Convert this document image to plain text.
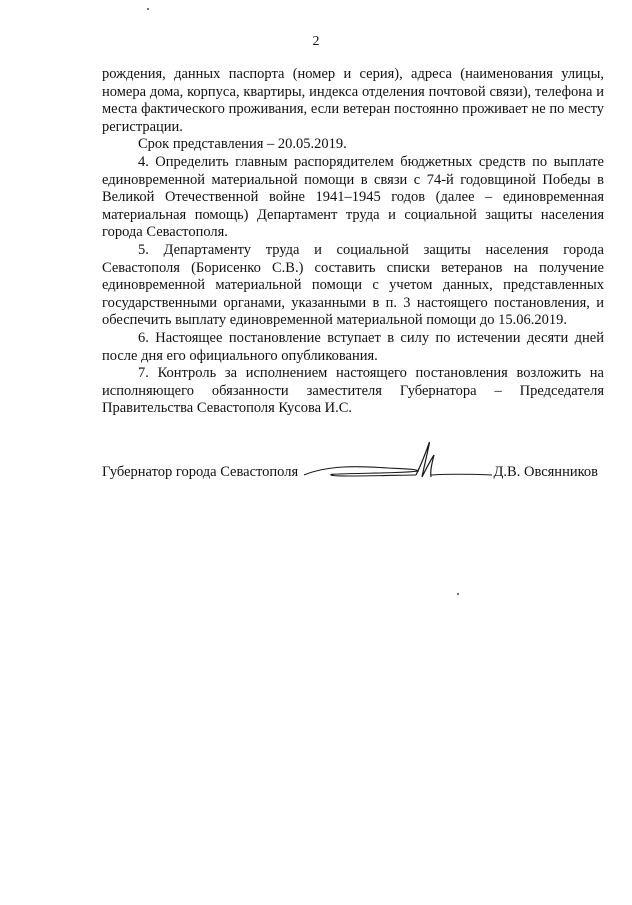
2

рождения, данных паспорта (номер и серия), адреса (наименования улицы, номера дома, корпуса, квартиры, индекса отделения почтовой связи), телефона и места фактического проживания, если ветеран постоянно проживает не по месту регистрации.

Срок представления – 20.05.2019.

4. Определить главным распорядителем бюджетных средств по выплате единовременной материальной помощи в связи с 74-й годовщиной Победы в Великой Отечественной войне 1941–1945 годов (далее – единовременная материальная помощь) Департамент труда и социальной защиты населения города Севастополя.

5. Департаменту труда и социальной защиты населения города Севастополя (Борисенко С.В.) составить списки ветеранов на получение единовременной материальной помощи с учетом данных, представленных государственными органами, указанными в п. 3 настоящего постановления, и обеспечить выплату единовременной материальной помощи до 15.06.2019.

6. Настоящее постановление вступает в силу по истечении десяти дней после дня его официального опубликования.

7. Контроль за исполнением настоящего постановления возложить на исполняющего обязанности заместителя Губернатора – Председателя Правительства Севастополя Кусова И.С.

Губернатор города Севастополя	Д.В. Овсянников
